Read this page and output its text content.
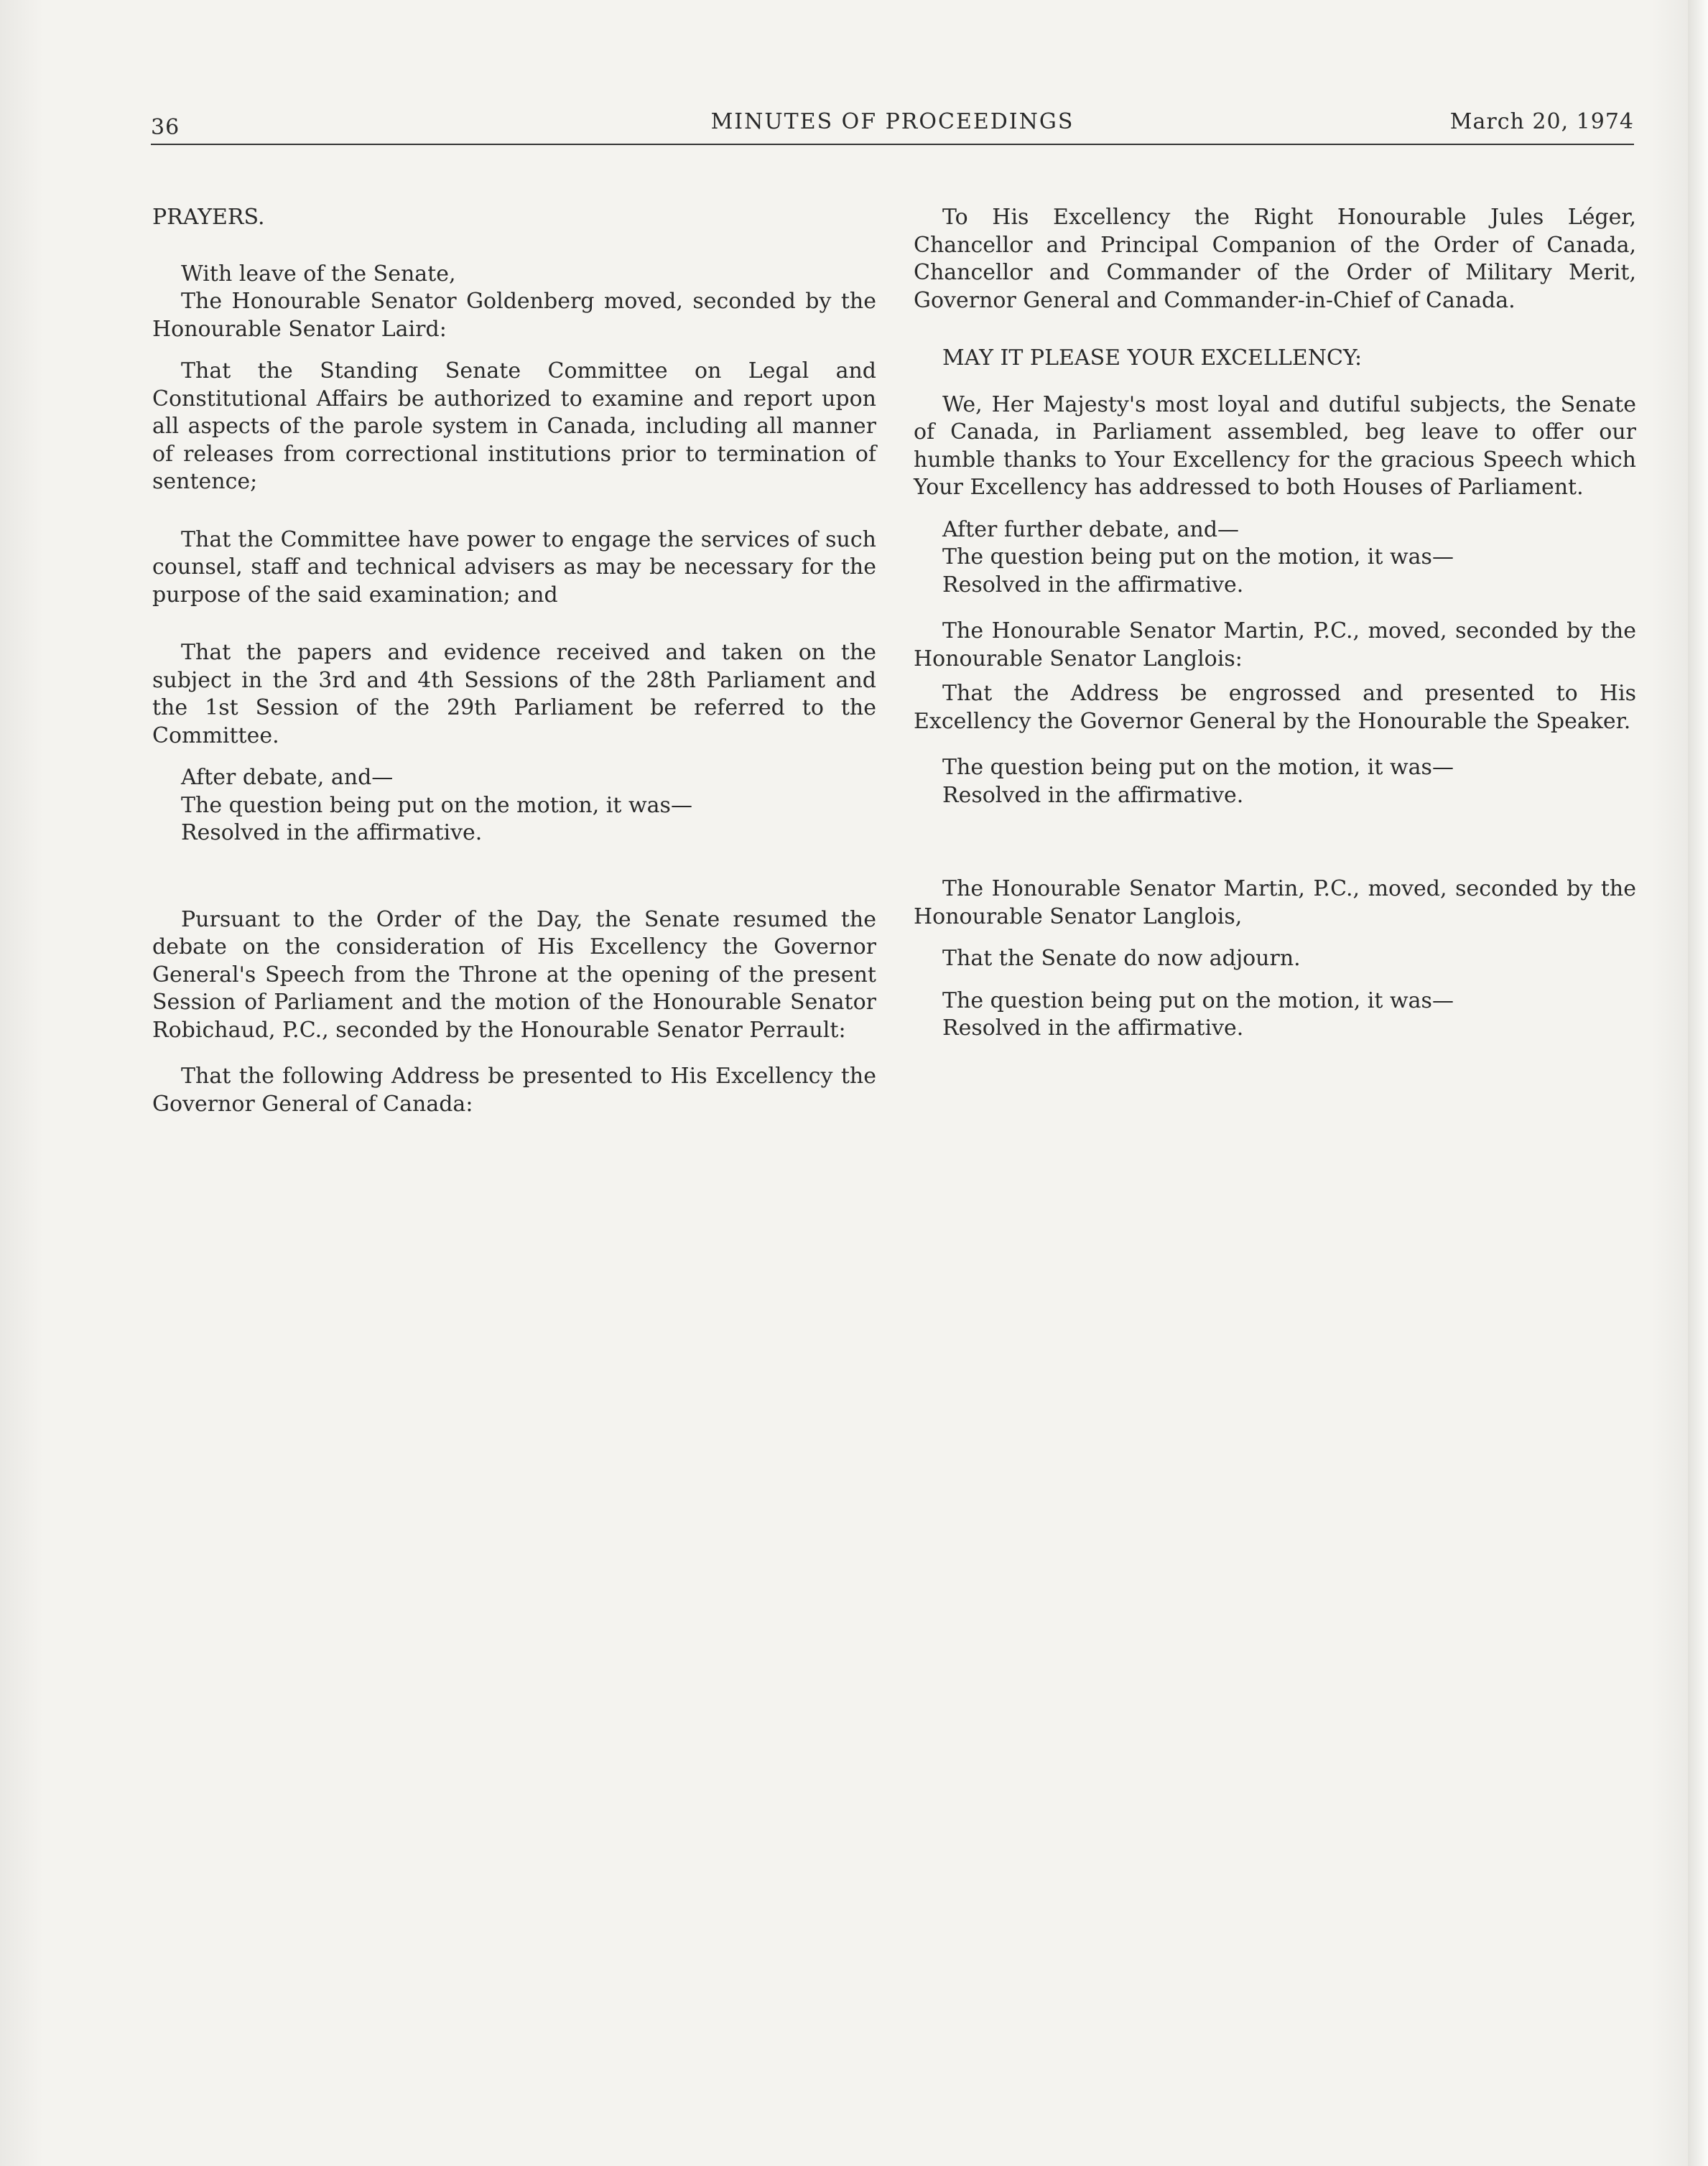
36	MINUTES OF PROCEEDINGS	March 20, 1974

PRAYERS.

With leave of the Senate,

The Honourable Senator Goldenberg moved, seconded by the Honourable Senator Laird:

That the Standing Senate Committee on Legal and Constitutional Affairs be authorized to examine and report upon all aspects of the parole system in Canada, including all manner of releases from correctional institutions prior to termination of sentence;

That the Committee have power to engage the services of such counsel, staff and technical advisers as may be necessary for the purpose of the said examination; and

That the papers and evidence received and taken on the subject in the 3rd and 4th Sessions of the 28th Parliament and the 1st Session of the 29th Parliament be referred to the Committee.

After debate, and—

The question being put on the motion, it was—

Resolved in the affirmative.

Pursuant to the Order of the Day, the Senate resumed the debate on the consideration of His Excellency the Governor General's Speech from the Throne at the opening of the present Session of Parliament and the motion of the Honourable Senator Robichaud, P.C., seconded by the Honourable Senator Perrault:

That the following Address be presented to His Excellency the Governor General of Canada:

To His Excellency the Right Honourable Jules Léger, Chancellor and Principal Companion of the Order of Canada, Chancellor and Commander of the Order of Military Merit, Governor General and Commander-in-Chief of Canada.

MAY IT PLEASE YOUR EXCELLENCY:

We, Her Majesty's most loyal and dutiful subjects, the Senate of Canada, in Parliament assembled, beg leave to offer our humble thanks to Your Excellency for the gracious Speech which Your Excellency has addressed to both Houses of Parliament.

After further debate, and—

The question being put on the motion, it was—

Resolved in the affirmative.

The Honourable Senator Martin, P.C., moved, seconded by the Honourable Senator Langlois:

That the Address be engrossed and presented to His Excellency the Governor General by the Honourable the Speaker.

The question being put on the motion, it was—

Resolved in the affirmative.

The Honourable Senator Martin, P.C., moved, seconded by the Honourable Senator Langlois,

That the Senate do now adjourn.

The question being put on the motion, it was—

Resolved in the affirmative.
